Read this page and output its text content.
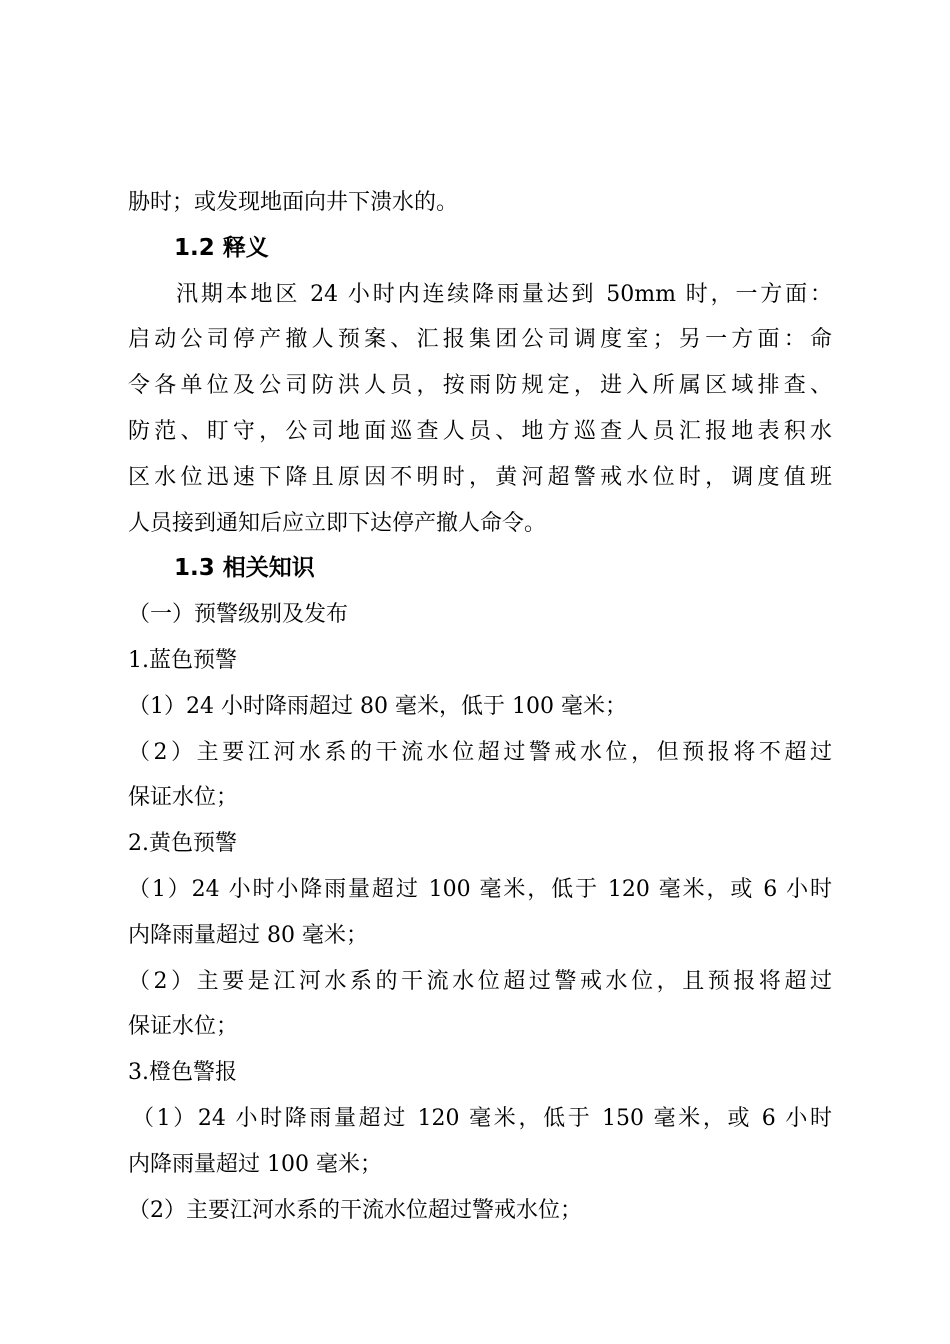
胁时；或发现地面向井下溃水的。
1.2 释义
汛期本地区 24 小时内连续降雨量达到 50mm 时，一方面：
启动公司停产撤人预案、汇报集团公司调度室；另一方面：命
令各单位及公司防洪人员，按雨防规定，进入所属区域排查、
防范、盯守，公司地面巡查人员、地方巡查人员汇报地表积水
区水位迅速下降且原因不明时，黄河超警戒水位时，调度值班
人员接到通知后应立即下达停产撤人命令。
1.3 相关知识
（一）预警级别及发布
1.蓝色预警
（1）24 小时降雨超过 80 毫米，低于 100 毫米；
（2）主要江河水系的干流水位超过警戒水位，但预报将不超过
保证水位；
2.黄色预警
（1）24 小时小降雨量超过 100 毫米，低于 120 毫米，或 6 小时
内降雨量超过 80 毫米；
（2）主要是江河水系的干流水位超过警戒水位，且预报将超过
保证水位；
3.橙色警报
（1）24 小时降雨量超过 120 毫米，低于 150 毫米，或 6 小时
内降雨量超过 100 毫米；
（2）主要江河水系的干流水位超过警戒水位；
